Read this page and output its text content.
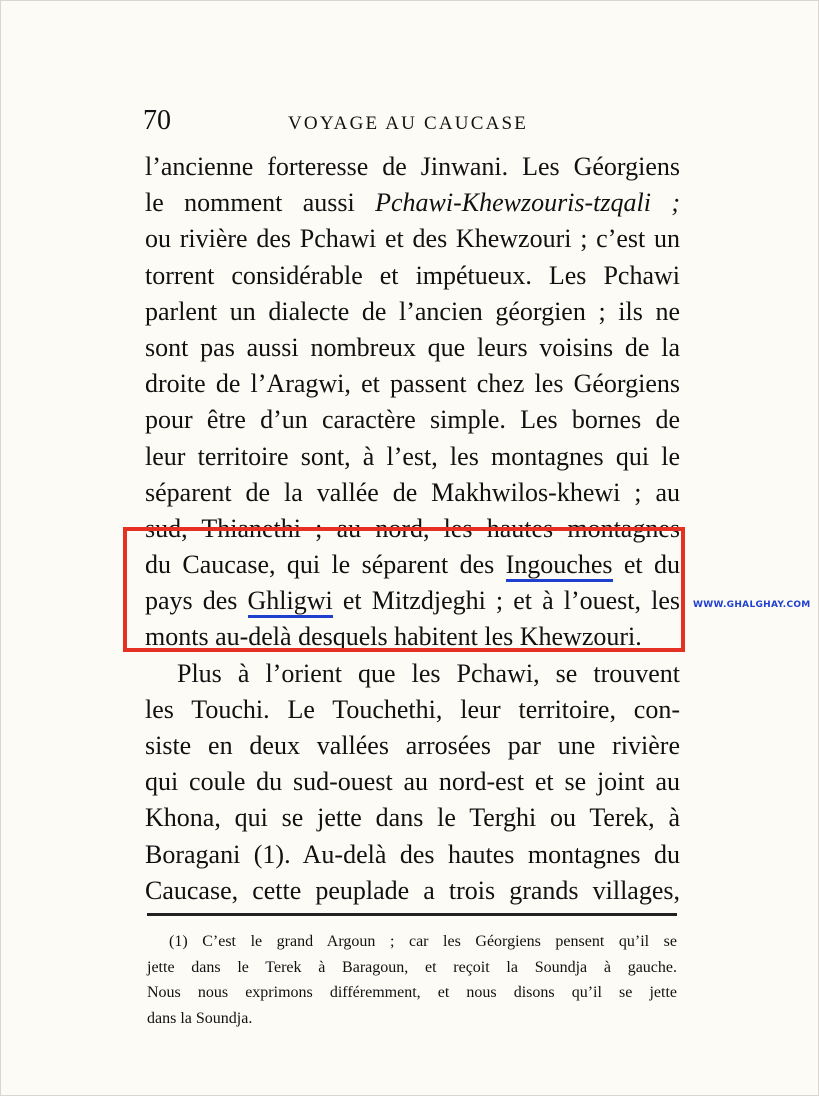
70	VOYAGE AU CAUCASE
l’ancienne forteresse de Jinwani. Les Géorgiens
le nomment aussi Pchawi-Khewzouris-tzqali ;
ou rivière des Pchawi et des Khewzouri ; c’est un
torrent considérable et impétueux. Les Pchawi
parlent un dialecte de l’ancien géorgien ; ils ne
sont pas aussi nombreux que leurs voisins de la
droite de l’Aragwi, et passent chez les Géorgiens
pour être d’un caractère simple. Les bornes de
leur territoire sont, à l’est, les montagnes qui le
séparent de la vallée de Makhwilos-khewi ; au
sud, Thianethi ; au nord, les hautes montagnes
du Caucase, qui le séparent des Ingouches et du
pays des Ghligwi et Mitzdjeghi ; et à l’ouest, les
monts au-delà desquels habitent les Khewzouri.
Plus à l’orient que les Pchawi, se trouvent
les Touchi. Le Touchethi, leur territoire, con-
siste en deux vallées arrosées par une rivière
qui coule du sud-ouest au nord-est et se joint au
Khona, qui se jette dans le Terghi ou Terek, à
Boragani (1). Au-delà des hautes montagnes du
Caucase, cette peuplade a trois grands villages,
WWW.GHALGHAY.COM
(1) C’est le grand Argoun ; car les Géorgiens pensent qu’il se
jette dans le Terek à Baragoun, et reçoit la Soundja à gauche.
Nous nous exprimons différemment, et nous disons qu’il se jette
dans la Soundja.
